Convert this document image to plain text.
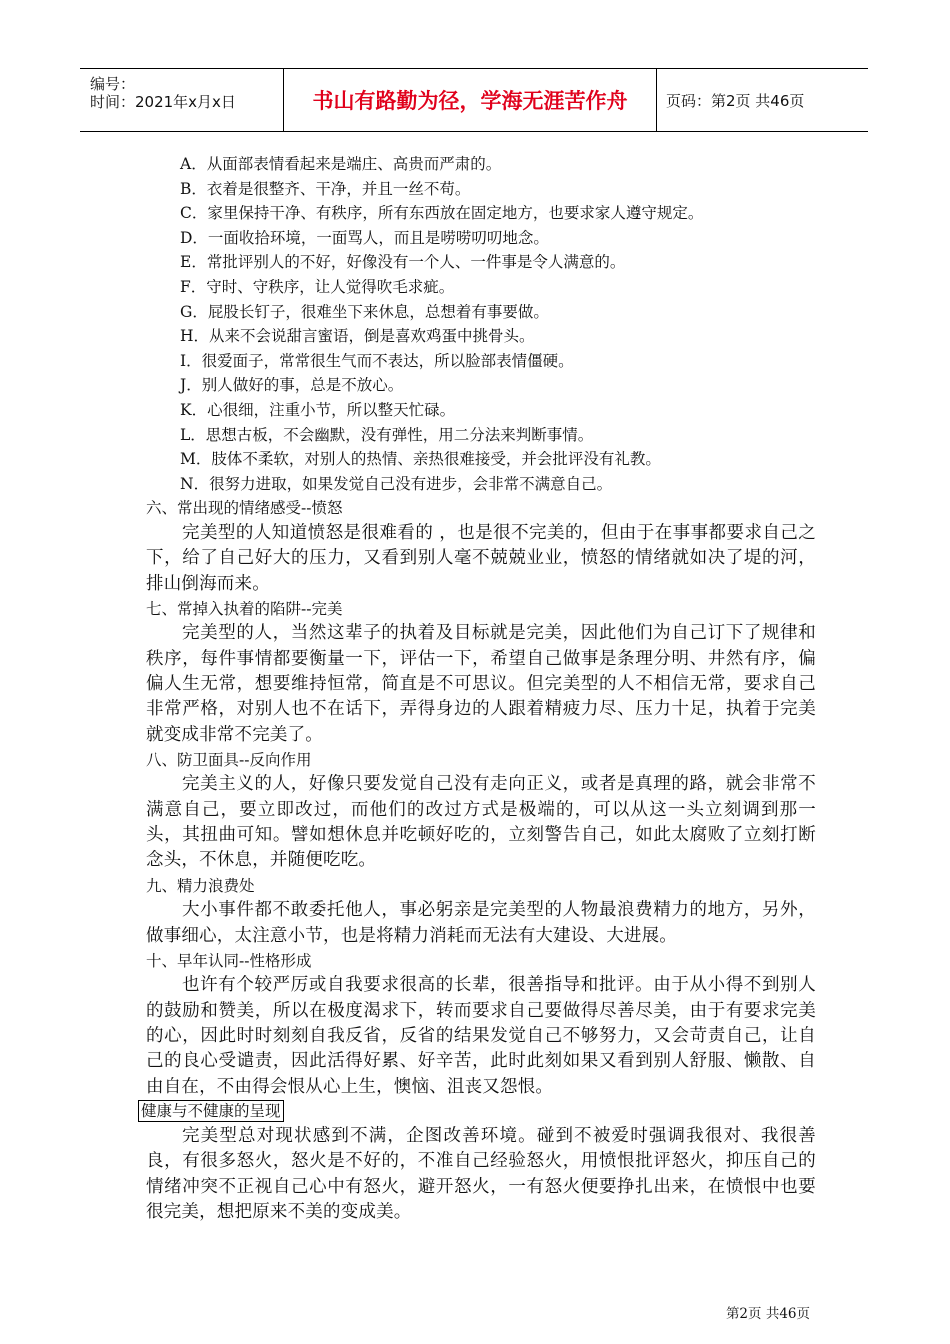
编号：
时间：2021年x月x日	书山有路勤为径，学海无涯苦作舟	页码：第2页 共46页
A．从面部表情看起来是端庄、高贵而严肃的。
B．衣着是很整齐、干净，并且一丝不苟。
C．家里保持干净、有秩序，所有东西放在固定地方，也要求家人遵守规定。
D．一面收拾环境，一面骂人，而且是唠唠叨叨地念。
E．常批评别人的不好，好像没有一个人、一件事是令人满意的。
F．守时、守秩序，让人觉得吹毛求疵。
G．屁股长钉子，很难坐下来休息，总想着有事要做。
H．从来不会说甜言蜜语，倒是喜欢鸡蛋中挑骨头。
I．很爱面子，常常很生气而不表达，所以脸部表情僵硬。
J．别人做好的事，总是不放心。
K．心很细，注重小节，所以整天忙碌。
L．思想古板，不会幽默，没有弹性，用二分法来判断事情。
M．肢体不柔软，对别人的热情、亲热很难接受，并会批评没有礼教。
N．很努力进取，如果发觉自己没有进步，会非常不满意自己。
六、常出现的情绪感受--愤怒
完美型的人知道愤怒是很难看的 ，也是很不完美的，但由于在事事都要求自己之下，给了自己好大的压力，又看到别人毫不兢兢业业，愤怒的情绪就如决了堤的河，排山倒海而来。
七、常掉入执着的陷阱--完美
完美型的人，当然这辈子的执着及目标就是完美，因此他们为自己订下了规律和秩序，每件事情都要衡量一下，评估一下，希望自己做事是条理分明、井然有序，偏偏人生无常，想要维持恒常，简直是不可思议。但完美型的人不相信无常，要求自己非常严格，对别人也不在话下，弄得身边的人跟着精疲力尽、压力十足，执着于完美就变成非常不完美了。
八、防卫面具--反向作用
完美主义的人，好像只要发觉自己没有走向正义，或者是真理的路，就会非常不满意自己，要立即改过，而他们的改过方式是极端的，可以从这一头立刻调到那一头，其扭曲可知。譬如想休息并吃顿好吃的，立刻警告自己，如此太腐败了立刻打断念头，不休息，并随便吃吃。
九、精力浪费处
大小事件都不敢委托他人，事必躬亲是完美型的人物最浪费精力的地方，另外，做事细心，太注意小节，也是将精力消耗而无法有大建设、大进展。
十、早年认同--性格形成
也许有个较严厉或自我要求很高的长辈，很善指导和批评。由于从小得不到别人的鼓励和赞美，所以在极度渴求下，转而要求自己要做得尽善尽美，由于有要求完美的心，因此时时刻刻自我反省，反省的结果发觉自己不够努力，又会苛责自己，让自己的良心受谴责，因此活得好累、好辛苦，此时此刻如果又看到别人舒服、懒散、自由自在，不由得会恨从心上生，懊恼、沮丧又怨恨。
健康与不健康的呈现
完美型总对现状感到不满，企图改善环境。碰到不被爱时强调我很对、我很善良，有很多怒火，怒火是不好的，不准自己经验怒火，用愤恨批评怒火，抑压自己的情绪冲突不正视自己心中有怒火，避开怒火，一有怒火便要挣扎出来，在愤恨中也要很完美，想把原来不美的变成美。
第2页 共46页
